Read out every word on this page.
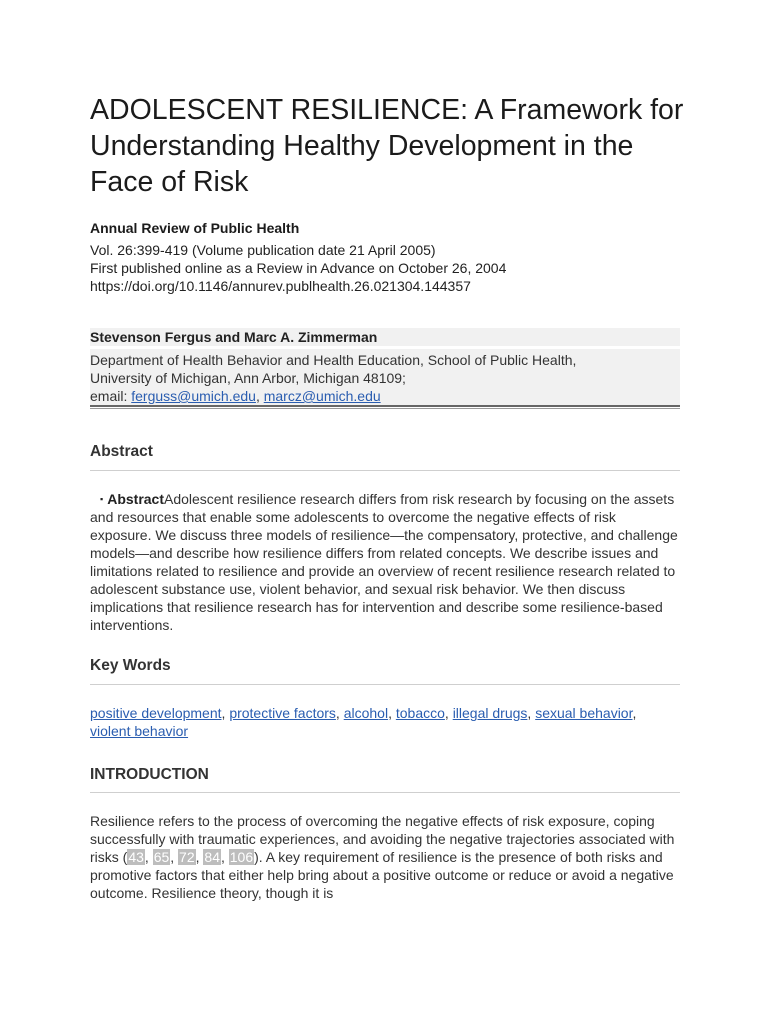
ADOLESCENT RESILIENCE: A Framework for Understanding Healthy Development in the Face of Risk
Annual Review of Public Health
Vol. 26:399-419 (Volume publication date 21 April 2005)
First published online as a Review in Advance on October 26, 2004
https://doi.org/10.1146/annurev.publhealth.26.021304.144357
Stevenson Fergus and Marc A. Zimmerman
Department of Health Behavior and Health Education, School of Public Health,
University of Michigan, Ann Arbor, Michigan 48109;
email: ferguss@umich.edu, marcz@umich.edu
Abstract
▪ AbstractAdolescent resilience research differs from risk research by focusing on the assets and resources that enable some adolescents to overcome the negative effects of risk exposure. We discuss three models of resilience—the compensatory, protective, and challenge models—and describe how resilience differs from related concepts. We describe issues and limitations related to resilience and provide an overview of recent resilience research related to adolescent substance use, violent behavior, and sexual risk behavior. We then discuss implications that resilience research has for intervention and describe some resilience-based interventions.
Key Words
positive development, protective factors, alcohol, tobacco, illegal drugs, sexual behavior, violent behavior
INTRODUCTION
Resilience refers to the process of overcoming the negative effects of risk exposure, coping successfully with traumatic experiences, and avoiding the negative trajectories associated with risks (43, 65, 72, 84, 106). A key requirement of resilience is the presence of both risks and promotive factors that either help bring about a positive outcome or reduce or avoid a negative outcome. Resilience theory, though it is
